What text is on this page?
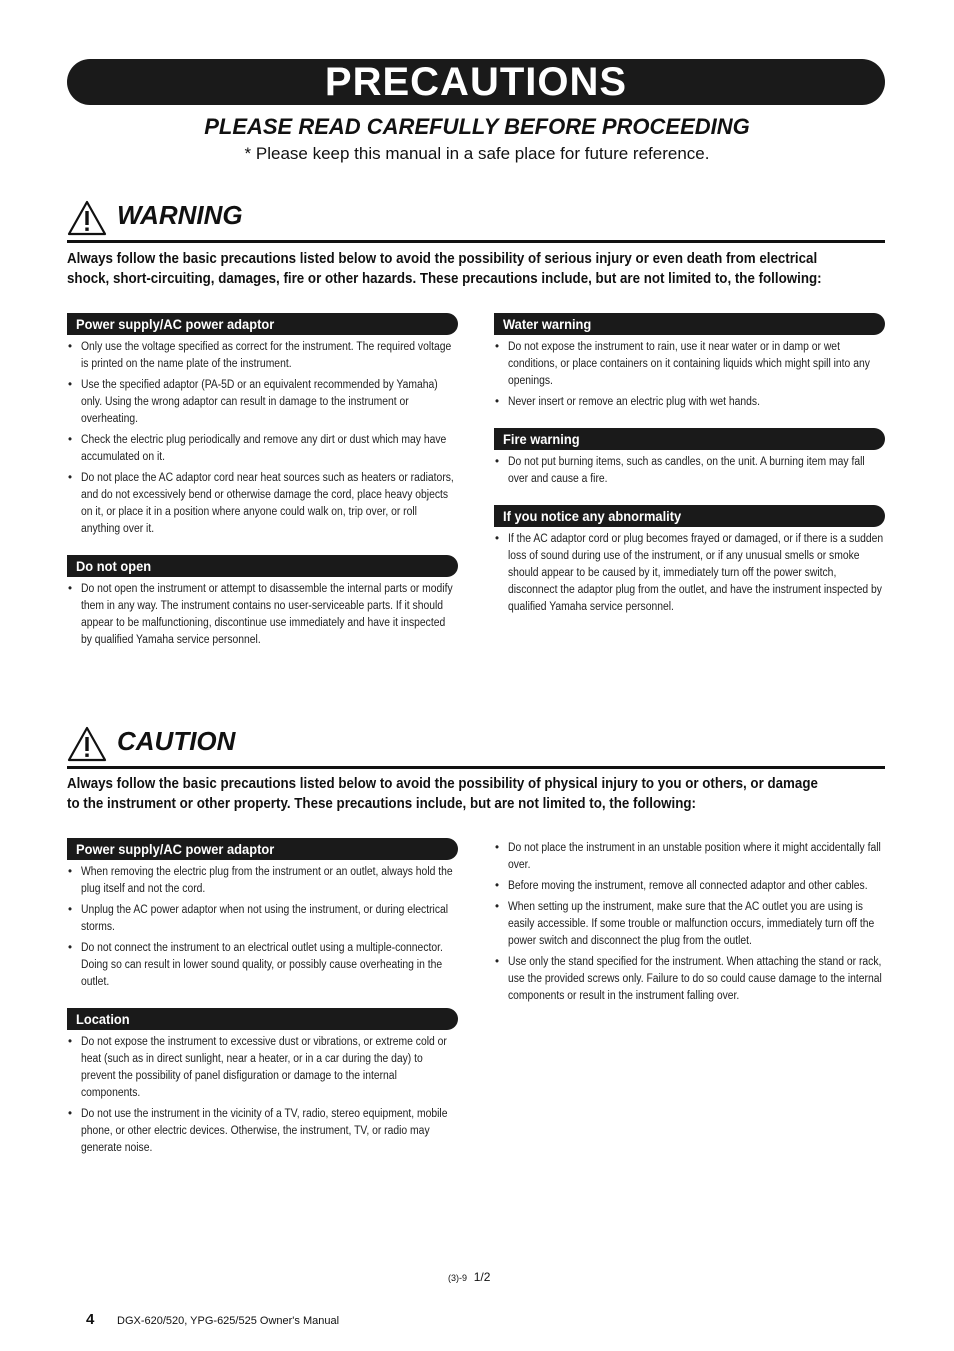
PRECAUTIONS
PLEASE READ CAREFULLY BEFORE PROCEEDING
* Please keep this manual in a safe place for future reference.
WARNING
Always follow the basic precautions listed below to avoid the possibility of serious injury or even death from electrical shock, short-circuiting, damages, fire or other hazards. These precautions include, but are not limited to, the following:
Power supply/AC power adaptor
• Only use the voltage specified as correct for the instrument. The required voltage is printed on the name plate of the instrument.
• Use the specified adaptor (PA-5D or an equivalent recommended by Yamaha) only. Using the wrong adaptor can result in damage to the instrument or overheating.
• Check the electric plug periodically and remove any dirt or dust which may have accumulated on it.
• Do not place the AC adaptor cord near heat sources such as heaters or radiators, and do not excessively bend or otherwise damage the cord, place heavy objects on it, or place it in a position where anyone could walk on, trip over, or roll anything over it.
Do not open
• Do not open the instrument or attempt to disassemble the internal parts or modify them in any way. The instrument contains no user-serviceable parts. If it should appear to be malfunctioning, discontinue use immediately and have it inspected by qualified Yamaha service personnel.
Water warning
• Do not expose the instrument to rain, use it near water or in damp or wet conditions, or place containers on it containing liquids which might spill into any openings.
• Never insert or remove an electric plug with wet hands.
Fire warning
• Do not put burning items, such as candles, on the unit. A burning item may fall over and cause a fire.
If you notice any abnormality
• If the AC adaptor cord or plug becomes frayed or damaged, or if there is a sudden loss of sound during use of the instrument, or if any unusual smells or smoke should appear to be caused by it, immediately turn off the power switch, disconnect the adaptor plug from the outlet, and have the instrument inspected by qualified Yamaha service personnel.
CAUTION
Always follow the basic precautions listed below to avoid the possibility of physical injury to you or others, or damage to the instrument or other property. These precautions include, but are not limited to, the following:
Power supply/AC power adaptor
• When removing the electric plug from the instrument or an outlet, always hold the plug itself and not the cord.
• Unplug the AC power adaptor when not using the instrument, or during electrical storms.
• Do not connect the instrument to an electrical outlet using a multiple-connector. Doing so can result in lower sound quality, or possibly cause overheating in the outlet.
Location
• Do not expose the instrument to excessive dust or vibrations, or extreme cold or heat (such as in direct sunlight, near a heater, or in a car during the day) to prevent the possibility of panel disfiguration or damage to the internal components.
• Do not use the instrument in the vicinity of a TV, radio, stereo equipment, mobile phone, or other electric devices. Otherwise, the instrument, TV, or radio may generate noise.
• Do not place the instrument in an unstable position where it might accidentally fall over.
• Before moving the instrument, remove all connected adaptor and other cables.
• When setting up the instrument, make sure that the AC outlet you are using is easily accessible. If some trouble or malfunction occurs, immediately turn off the power switch and disconnect the plug from the outlet.
• Use only the stand specified for the instrument. When attaching the stand or rack, use the provided screws only. Failure to do so could cause damage to the internal components or result in the instrument falling over.
(3)-9 1/2
4 DGX-620/520, YPG-625/525 Owner's Manual
